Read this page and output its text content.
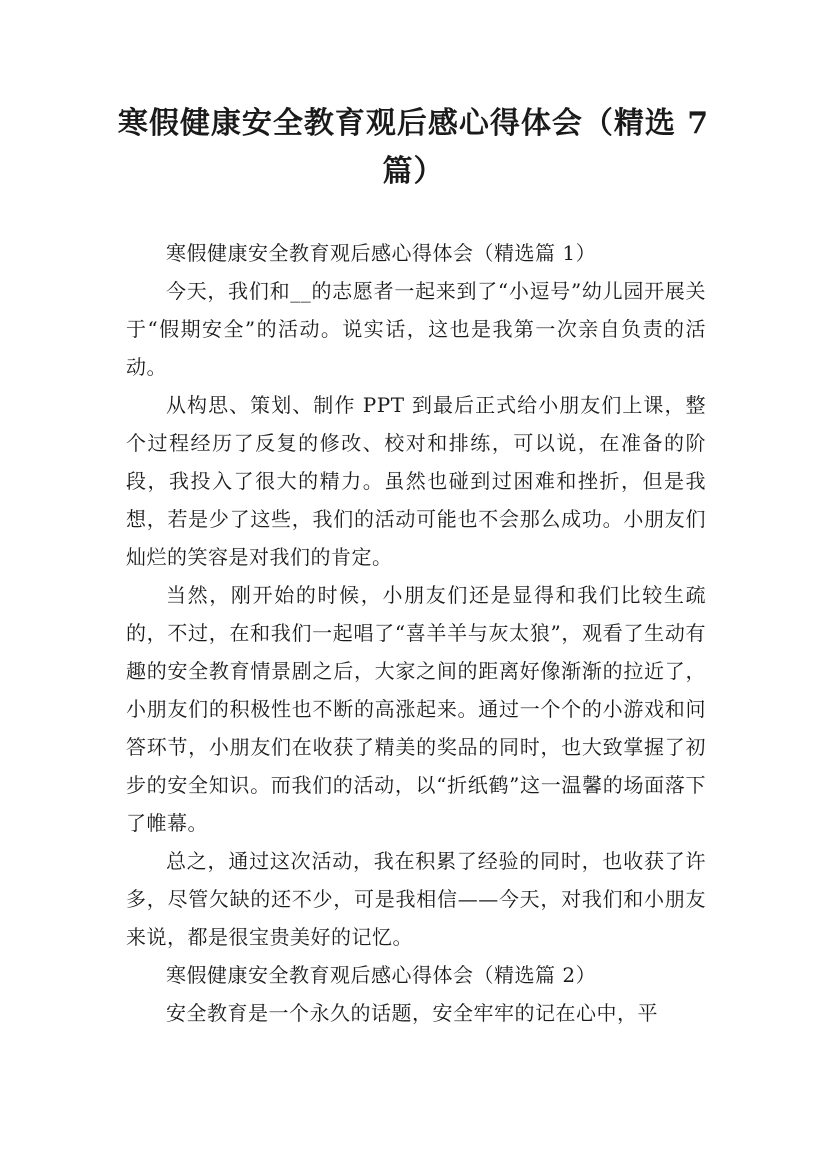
寒假健康安全教育观后感心得体会（精选 7 篇）

寒假健康安全教育观后感心得体会（精选篇 1）

今天，我们和__的志愿者一起来到了“小逗号”幼儿园开展关于“假期安全”的活动。说实话，这也是我第一次亲自负责的活动。

从构思、策划、制作 PPT 到最后正式给小朋友们上课，整个过程经历了反复的修改、校对和排练，可以说，在准备的阶段，我投入了很大的精力。虽然也碰到过困难和挫折，但是我想，若是少了这些，我们的活动可能也不会那么成功。小朋友们灿烂的笑容是对我们的肯定。

当然，刚开始的时候，小朋友们还是显得和我们比较生疏的，不过，在和我们一起唱了“喜羊羊与灰太狼”，观看了生动有趣的安全教育情景剧之后，大家之间的距离好像渐渐的拉近了，小朋友们的积极性也不断的高涨起来。通过一个个的小游戏和问答环节，小朋友们在收获了精美的奖品的同时，也大致掌握了初步的安全知识。而我们的活动，以“折纸鹤”这一温馨的场面落下了帷幕。

总之，通过这次活动，我在积累了经验的同时，也收获了许多，尽管欠缺的还不少，可是我相信——今天，对我们和小朋友来说，都是很宝贵美好的记忆。

寒假健康安全教育观后感心得体会（精选篇 2）

安全教育是一个永久的话题，安全牢牢的记在心中，平
